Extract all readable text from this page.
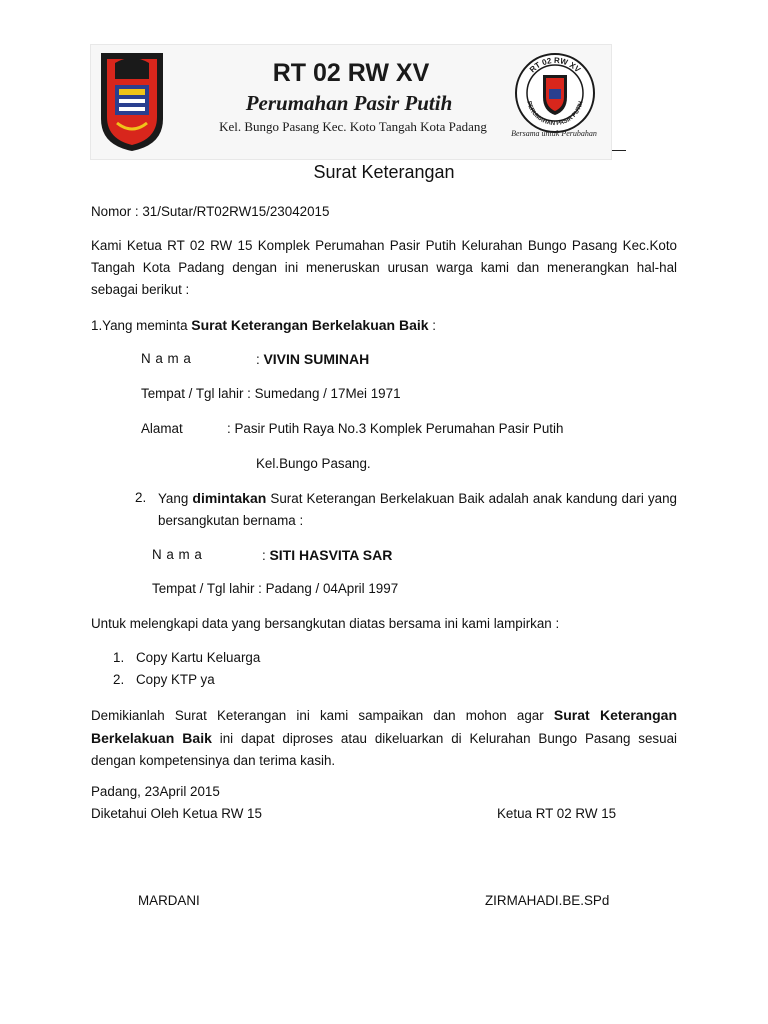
RT 02 RW XV
Perumahan Pasir Putih
Kel. Bungo Pasang Kec. Koto Tangah Kota Padang
RT 02 RW XV
PERUMAHAN PASIR PUTIH
Bersama untuk Perubahan
Surat Keterangan
Nomor : 31/Sutar/RT02RW15/23042015
Kami Ketua RT 02 RW 15 Komplek Perumahan Pasir Putih Kelurahan Bungo Pasang Kec.Koto Tangah Kota Padang dengan ini meneruskan urusan warga kami dan menerangkan hal-hal sebagai berikut :
1.Yang meminta Surat Keterangan Berkelakuan Baik :
N a m a	: VIVIN SUMINAH
Tempat / Tgl lahir : Sumedang / 17Mei 1971
Alamat	: Pasir Putih Raya No.3 Komplek Perumahan Pasir Putih
Kel.Bungo Pasang.
2. Yang dimintakan Surat Keterangan Berkelakuan Baik adalah anak kandung dari yang bersangkutan bernama :
N a m a	: SITI HASVITA SAR
Tempat / Tgl lahir : Padang / 04April 1997
Untuk melengkapi data yang bersangkutan diatas bersama ini kami lampirkan :
1. Copy Kartu Keluarga
2. Copy KTP ya
Demikianlah Surat Keterangan ini kami sampaikan dan mohon agar Surat Keterangan Berkelakuan Baik ini dapat diproses atau dikeluarkan di Kelurahan Bungo Pasang sesuai dengan kompetensinya dan terima kasih.
Padang, 23April 2015
Diketahui Oleh Ketua RW 15	Ketua RT 02 RW 15
MARDANI	ZIRMAHADI.BE.SPd
